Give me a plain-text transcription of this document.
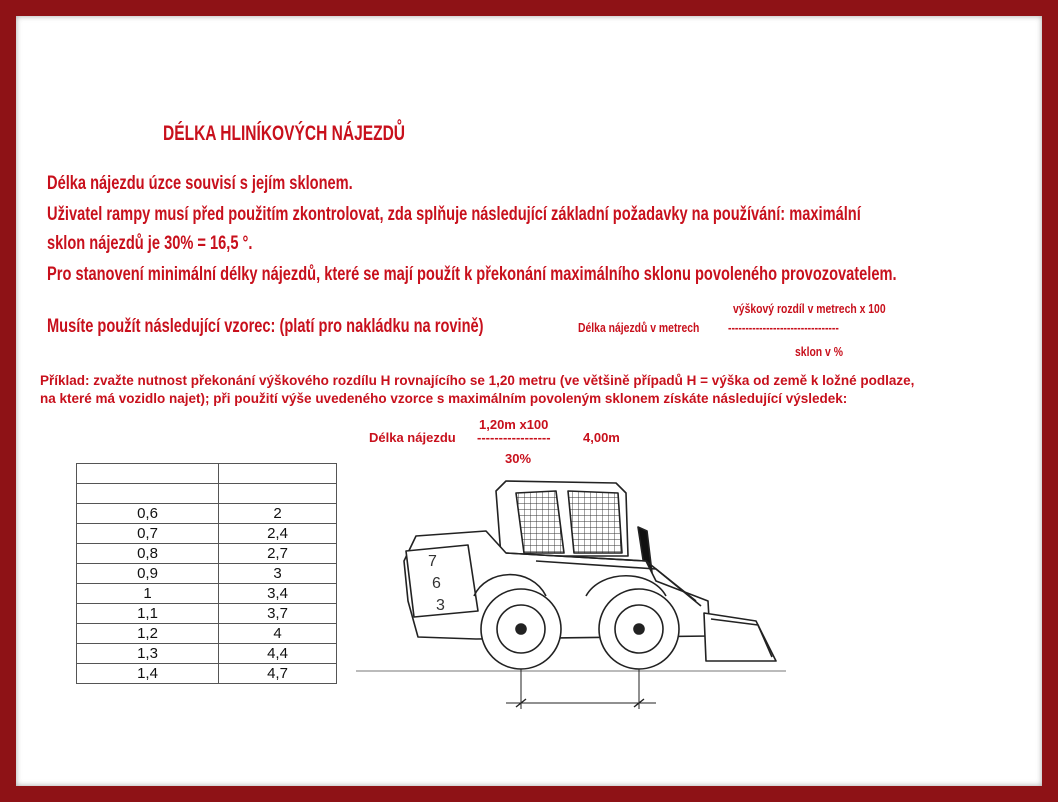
DÉLKA HLINÍKOVÝCH NÁJEZDŮ
Délka nájezdu úzce souvisí s jejím sklonem.
Uživatel rampy musí před použitím zkontrolovat, zda splňuje následující základní požadavky na používání: maximální
sklon nájezdů je 30% = 16,5 °.
Pro stanovení minimální délky nájezdů, které se mají použít k překonání maximálního sklonu povoleného provozovatelem.
Musíte použít následující vzorec: (platí pro nakládku na rovině)
výškový rozdíl v metrech x 100
Délka nájezdů v metrech --------------------------------
sklon v %
Příklad: zvažte nutnost překonání výškového rozdílu H rovnajícího se 1,20 metru (ve většině případů H = výška od země k ložné podlaze,
na které má vozidlo najet); při použití výše uvedeného vzorce s maximálním povoleným sklonem získáte následující výsledek:
1,20m x100
Délka nájezdu ----------------- 4,00m
30%

0,6	2
0,7	2,4
0,8	2,7
0,9	3
1	3,4
1,1	3,7
1,2	4
1,3	4,4
1,4	4,7
7
6
3
